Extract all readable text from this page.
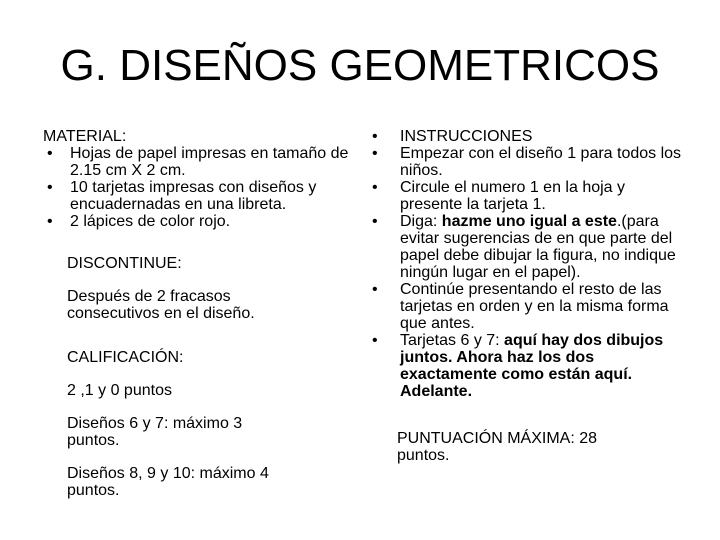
G. DISEÑOS GEOMETRICOS
MATERIAL:
• Hojas de papel impresas en tamaño de 2.15 cm X 2 cm.
• 10 tarjetas impresas con diseños y encuadernadas en una libreta.
• 2 lápices de color rojo.
DISCONTINUE:
Después de 2 fracasos consecutivos en el diseño.
CALIFICACIÓN:
2 ,1 y 0 puntos
Diseños 6 y 7: máximo 3 puntos.
Diseños 8, 9 y 10: máximo 4 puntos.
• INSTRUCCIONES
• Empezar con el diseño 1 para todos los niños.
• Circule el numero 1 en la hoja y presente la tarjeta 1.
• Diga: hazme uno igual a este.(para evitar sugerencias de en que parte del papel debe dibujar la figura, no indique ningún lugar en el papel).
• Continúe presentando el resto de las tarjetas en orden y en la misma forma que antes.
• Tarjetas 6 y 7: aquí hay dos dibujos juntos. Ahora haz los dos exactamente como están aquí. Adelante.
PUNTUACIÓN MÁXIMA: 28 puntos.
